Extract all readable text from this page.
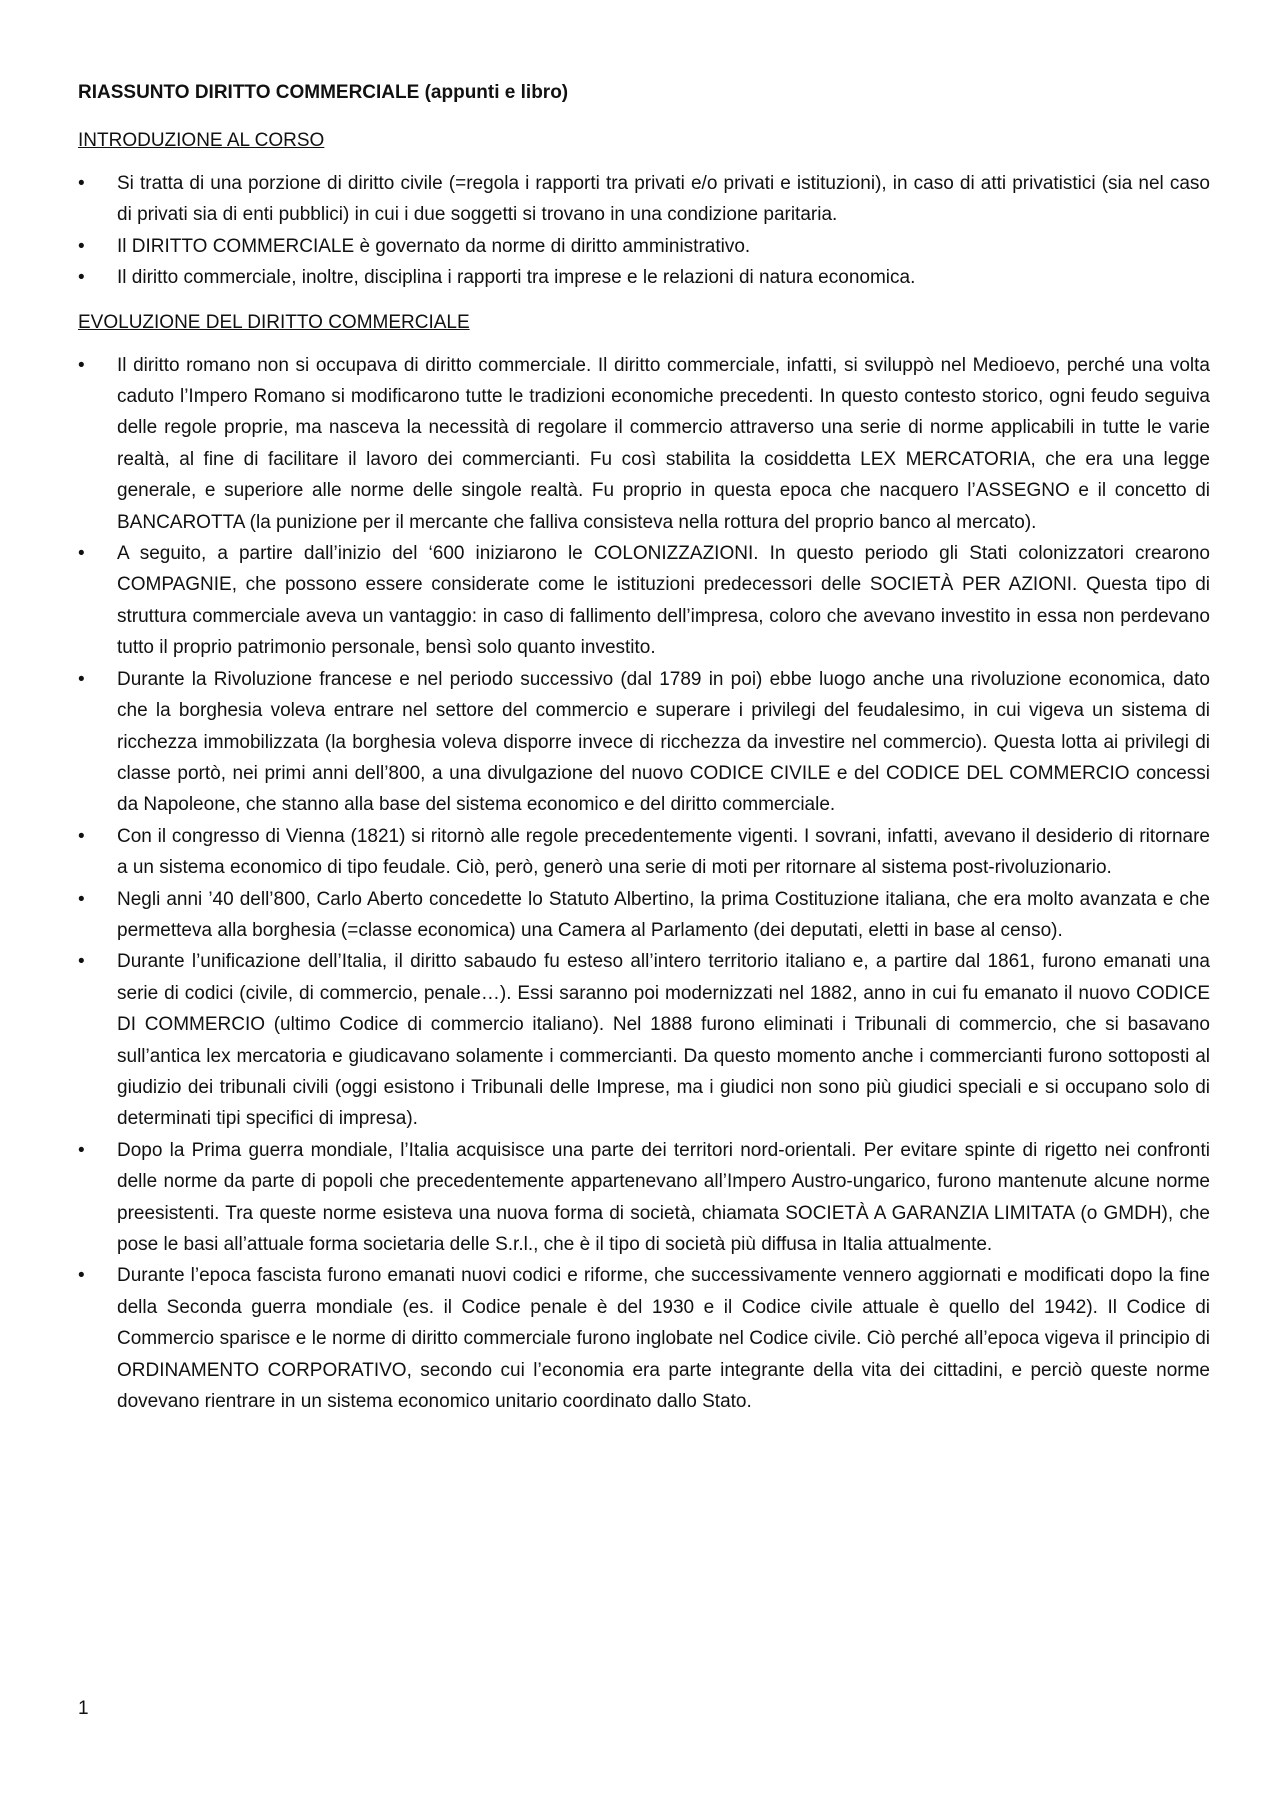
RIASSUNTO DIRITTO COMMERCIALE (appunti e libro)
INTRODUZIONE AL CORSO
•	Si tratta di una porzione di diritto civile (=regola i rapporti tra privati e/o privati e istituzioni), in caso di atti privatistici (sia nel caso di privati sia di enti pubblici) in cui i due soggetti si trovano in una condizione paritaria.
•	Il DIRITTO COMMERCIALE è governato da norme di diritto amministrativo.
•	Il diritto commerciale, inoltre, disciplina i rapporti tra imprese e le relazioni di natura economica.
EVOLUZIONE DEL DIRITTO COMMERCIALE
•	Il diritto romano non si occupava di diritto commerciale. Il diritto commerciale, infatti, si sviluppò nel Medioevo, perché una volta caduto l’Impero Romano si modificarono tutte le tradizioni economiche precedenti. In questo contesto storico, ogni feudo seguiva delle regole proprie, ma nasceva la necessità di regolare il commercio attraverso una serie di norme applicabili in tutte le varie realtà, al fine di facilitare il lavoro dei commercianti. Fu così stabilita la cosiddetta LEX MERCATORIA, che era una legge generale, e superiore alle norme delle singole realtà. Fu proprio in questa epoca che nacquero l’ASSEGNO e il concetto di BANCAROTTA (la punizione per il mercante che falliva consisteva nella rottura del proprio banco al mercato).
•	A seguito, a partire dall’inizio del ‘600 iniziarono le COLONIZZAZIONI. In questo periodo gli Stati colonizzatori crearono COMPAGNIE, che possono essere considerate come le istituzioni predecessori delle SOCIETÀ PER AZIONI. Questa tipo di struttura commerciale aveva un vantaggio: in caso di fallimento dell’impresa, coloro che avevano investito in essa non perdevano tutto il proprio patrimonio personale, bensì solo quanto investito.
•	Durante la Rivoluzione francese e nel periodo successivo (dal 1789 in poi) ebbe luogo anche una rivoluzione economica, dato che la borghesia voleva entrare nel settore del commercio e superare i privilegi del feudalesimo, in cui vigeva un sistema di ricchezza immobilizzata (la borghesia voleva disporre invece di ricchezza da investire nel commercio). Questa lotta ai privilegi di classe portò, nei primi anni dell’800, a una divulgazione del nuovo CODICE CIVILE e del CODICE DEL COMMERCIO concessi da Napoleone, che stanno alla base del sistema economico e del diritto commerciale.
•	Con il congresso di Vienna (1821) si ritornò alle regole precedentemente vigenti. I sovrani, infatti, avevano il desiderio di ritornare a un sistema economico di tipo feudale. Ciò, però, generò una serie di moti per ritornare al sistema post-rivoluzionario.
•	Negli anni ’40 dell’800, Carlo Aberto concedette lo Statuto Albertino, la prima Costituzione italiana, che era molto avanzata e che permetteva alla borghesia (=classe economica) una Camera al Parlamento (dei deputati, eletti in base al censo).
•	Durante l’unificazione dell’Italia, il diritto sabaudo fu esteso all’intero territorio italiano e, a partire dal 1861, furono emanati una serie di codici (civile, di commercio, penale…). Essi saranno poi modernizzati nel 1882, anno in cui fu emanato il nuovo CODICE DI COMMERCIO (ultimo Codice di commercio italiano). Nel 1888 furono eliminati i Tribunali di commercio, che si basavano sull’antica lex mercatoria e giudicavano solamente i commercianti. Da questo momento anche i commercianti furono sottoposti al giudizio dei tribunali civili (oggi esistono i Tribunali delle Imprese, ma i giudici non sono più giudici speciali e si occupano solo di determinati tipi specifici di impresa).
•	Dopo la Prima guerra mondiale, l’Italia acquisisce una parte dei territori nord-orientali. Per evitare spinte di rigetto nei confronti delle norme da parte di popoli che precedentemente appartenevano all’Impero Austro-ungarico, furono mantenute alcune norme preesistenti. Tra queste norme esisteva una nuova forma di società, chiamata SOCIETÀ A GARANZIA LIMITATA (o GMDH), che pose le basi all’attuale forma societaria delle S.r.l., che è il tipo di società più diffusa in Italia attualmente.
•	Durante l’epoca fascista furono emanati nuovi codici e riforme, che successivamente vennero aggiornati e modificati dopo la fine della Seconda guerra mondiale (es. il Codice penale è del 1930 e il Codice civile attuale è quello del 1942). Il Codice di Commercio sparisce e le norme di diritto commerciale furono inglobate nel Codice civile. Ciò perché all’epoca vigeva il principio di ORDINAMENTO CORPORATIVO, secondo cui l’economia era parte integrante della vita dei cittadini, e perciò queste norme dovevano rientrare in un sistema economico unitario coordinato dallo Stato.
1
